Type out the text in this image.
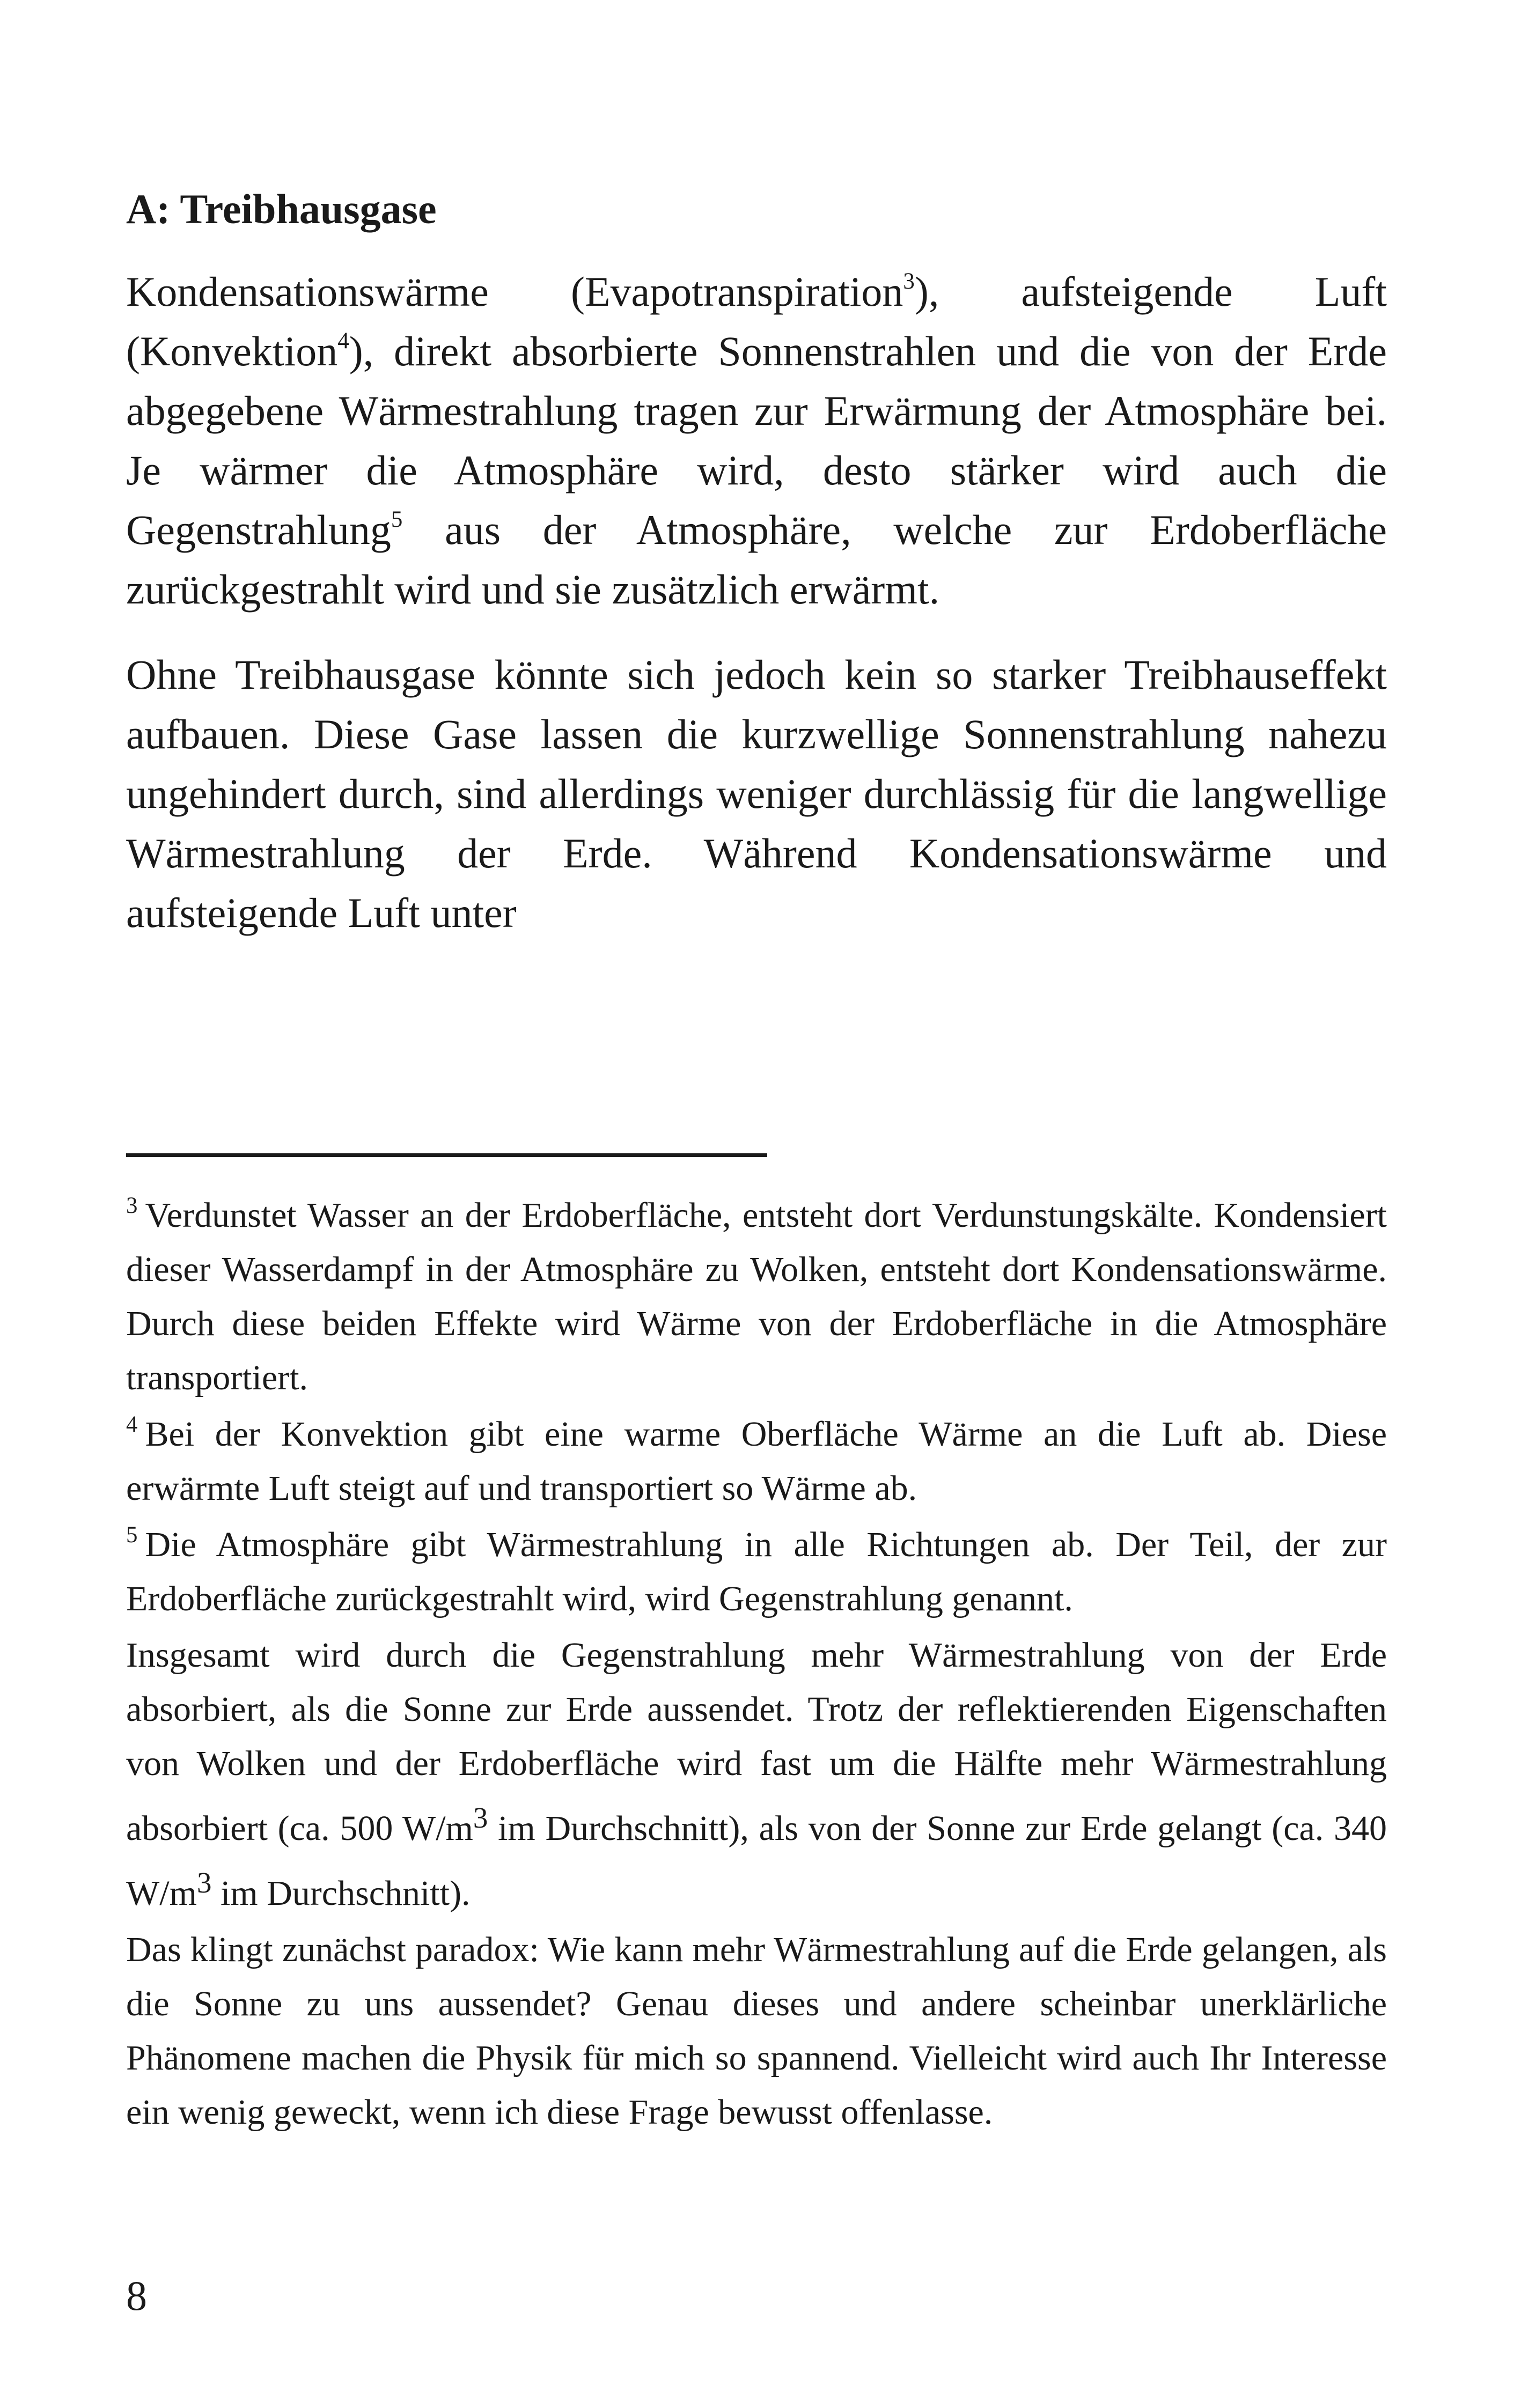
A: Treibhausgase

Kondensationswärme (Evapotranspiration$^3$), aufsteigende Luft (Konvektion$^4$), direkt absorbierte Sonnenstrahlen und die von der Erde abgegebene Wärmestrahlung tragen zur Erwärmung der Atmosphäre bei. Je wärmer die Atmosphäre wird, desto stärker wird auch die Gegenstrahlung$^5$ aus der Atmosphäre, welche zur Erdoberfläche zurückgestrahlt wird und sie zusätzlich erwärmt.

Ohne Treibhausgase könnte sich jedoch kein so starker Treibhauseffekt aufbauen. Diese Gase lassen die kurzwellige Sonnenstrahlung nahezu ungehindert durch, sind allerdings weniger durchlässig für die langwellige Wärmestrahlung der Erde. Während Kondensationswärme und aufsteigende Luft unter

$^3$ Verdunstet Wasser an der Erdoberfläche, entsteht dort Verdunstungskälte. Kondensiert dieser Wasserdampf in der Atmosphäre zu Wolken, entsteht dort Kondensationswärme. Durch diese beiden Effekte wird Wärme von der Erdoberfläche in die Atmosphäre transportiert.

$^4$ Bei der Konvektion gibt eine warme Oberfläche Wärme an die Luft ab. Diese erwärmte Luft steigt auf und transportiert so Wärme ab.

$^5$ Die Atmosphäre gibt Wärmestrahlung in alle Richtungen ab. Der Teil, der zur Erdoberfläche zurückgestrahlt wird, wird Gegenstrahlung genannt.

Insgesamt wird durch die Gegenstrahlung mehr Wärmestrahlung von der Erde absorbiert, als die Sonne zur Erde aussendet. Trotz der reflektierenden Eigenschaften von Wolken und der Erdoberfläche wird fast um die Hälfte mehr Wärmestrahlung absorbiert (ca. 500 $W/m^3$ im Durchschnitt), als von der Sonne zur Erde gelangt (ca. 340 $W/m^3$ im Durchschnitt).

Das klingt zunächst paradox: Wie kann mehr Wärmestrahlung auf die Erde gelangen, als die Sonne zu uns aussendet? Genau dieses und andere scheinbar unerklärliche Phänomene machen die Physik für mich so spannend. Vielleicht wird auch Ihr Interesse ein wenig geweckt, wenn ich diese Frage bewusst offenlasse.

8
